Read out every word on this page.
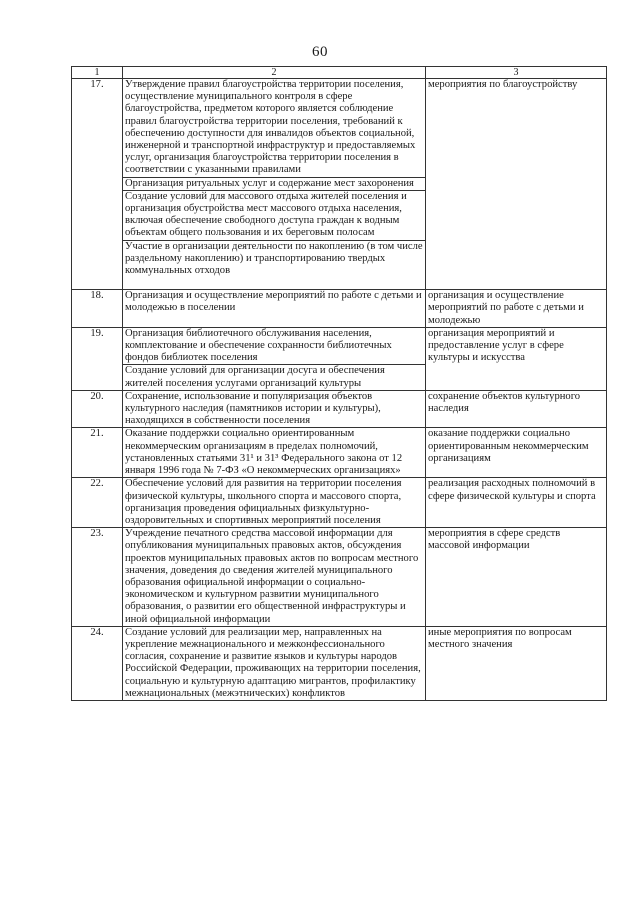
60
1	2	3
17.	Утверждение правил благоустройства территории поселения, осуществление муниципального контроля в сфере благоустройства, предметом которого является соблюдение правил благоустройства территории поселения, требований к обеспечению доступности для инвалидов объектов социальной, инженерной и транспортной инфраструктур и предоставляемых услуг, организация благоустройства территории поселения в соответствии с указанными правилами	мероприятия по благоустройству
	Организация ритуальных услуг и содержание мест захоронения	
	Создание условий для массового отдыха жителей поселения и организация обустройства мест массового отдыха населения, включая обеспечение свободного доступа граждан к водным объектам общего пользования и их береговым полосам	
	Участие в организации деятельности по накоплению (в том числе раздельному накоплению) и транспортированию твердых коммунальных отходов	
18.	Организация и осуществление мероприятий по работе с детьми и молодежью в поселении	организация и осуществление мероприятий по работе с детьми и молодежью
19.	Организация библиотечного обслуживания населения, комплектование и обеспечение сохранности библиотечных фондов библиотек поселения	организация мероприятий и предоставление услуг в сфере культуры и искусства
	Создание условий для организации досуга и обеспечения жителей поселения услугами организаций культуры	
20.	Сохранение, использование и популяризация объектов культурного наследия (памятников истории и культуры), находящихся в собственности поселения	сохранение объектов культурного наследия
21.	Оказание поддержки социально ориентированным некоммерческим организациям в пределах полномочий, установленных статьями 31¹ и 31³ Федерального закона от 12 января 1996 года № 7-ФЗ «О некоммерческих организациях»	оказание поддержки социально ориентированным некоммерческим организациям
22.	Обеспечение условий для развития на территории поселения физической культуры, школьного спорта и массового спорта, организация проведения официальных физкультурно-оздоровительных и спортивных мероприятий поселения	реализация расходных полномочий в сфере физической культуры и спорта
23.	Учреждение печатного средства массовой информации для опубликования муниципальных правовых актов, обсуждения проектов муниципальных правовых актов по вопросам местного значения, доведения до сведения жителей муниципального образования официальной информации о социально-экономическом и культурном развитии муниципального образования, о развитии его общественной инфраструктуры и иной официальной информации	мероприятия в сфере средств массовой информации
24.	Создание условий для реализации мер, направленных на укрепление межнационального и межконфессионального согласия, сохранение и развитие языков и культуры народов Российской Федерации, проживающих на территории поселения, социальную и культурную адаптацию мигрантов, профилактику межнациональных (межэтнических) конфликтов	иные мероприятия по вопросам местного значения
